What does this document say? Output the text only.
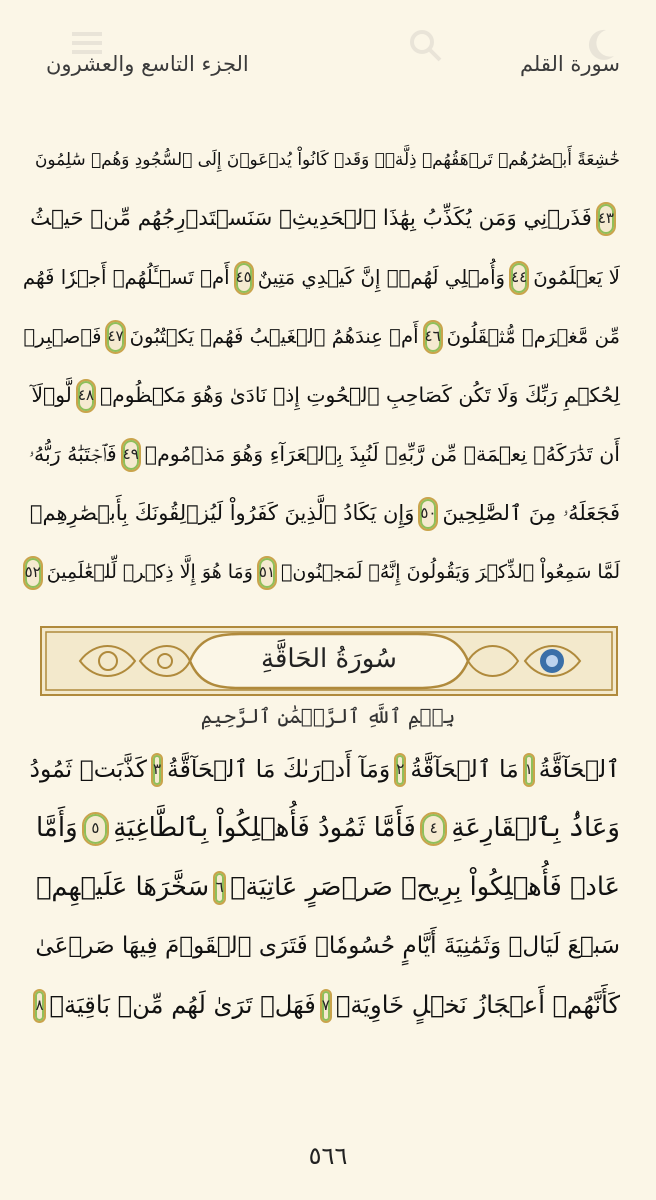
سورة القلم
الجزء التاسع والعشرون
خَٰشِعَةً أَبۡصَٰرُهُمۡ تَرۡهَقُهُمۡ ذِلَّةٞۖ وَقَدۡ كَانُواْ يُدۡعَوۡنَ إِلَى ٱلسُّجُودِ وَهُمۡ سَٰلِمُونَ
٤٣
فَذَرۡنِي وَمَن يُكَذِّبُ بِهَٰذَا ٱلۡحَدِيثِۖ سَنَسۡتَدۡرِجُهُم مِّنۡ حَيۡثُ
لَا يَعۡلَمُونَ
٤٤
وَأُمۡلِي لَهُمۡۚ إِنَّ كَيۡدِي مَتِينٌ
٤٥
أَمۡ تَسۡـَٔلُهُمۡ أَجۡرٗا فَهُم
مِّن مَّغۡرَمٖ مُّثۡقَلُونَ
٤٦
أَمۡ عِندَهُمُ ٱلۡغَيۡبُ فَهُمۡ يَكۡتُبُونَ
٤٧
فَٱصۡبِرۡ
لِحُكۡمِ رَبِّكَ وَلَا تَكُن كَصَاحِبِ ٱلۡحُوتِ إِذۡ نَادَىٰ وَهُوَ مَكۡظُومٞ
٤٨
لَّوۡلَآ
أَن تَدَٰرَكَهُۥ نِعۡمَةٞ مِّن رَّبِّهِۦ لَنُبِذَ بِٱلۡعَرَآءِ وَهُوَ مَذۡمُومٞ
٤٩
فَٱجۡتَبَٰهُ رَبُّهُۥ
فَجَعَلَهُۥ مِنَ ٱلصَّٰلِحِينَ
٥٠
وَإِن يَكَادُ ٱلَّذِينَ كَفَرُواْ لَيُزۡلِقُونَكَ بِأَبۡصَٰرِهِمۡ
لَمَّا سَمِعُواْ ٱلذِّكۡرَ وَيَقُولُونَ إِنَّهُۥ لَمَجۡنُونٞ
٥١
وَمَا هُوَ إِلَّا ذِكۡرٞ لِّلۡعَٰلَمِينَ
٥٢
سُورَةُ الحَاقَّةِ
بِسۡمِ ٱللَّهِ ٱلرَّحۡمَٰنِ ٱلرَّحِيمِ
ٱلۡحَآقَّةُ
١
مَا ٱلۡحَآقَّةُ
٢
وَمَآ أَدۡرَىٰكَ مَا ٱلۡحَآقَّةُ
٣
كَذَّبَتۡ ثَمُودُ
وَعَادُۢ بِٱلۡقَارِعَةِ
٤
فَأَمَّا ثَمُودُ فَأُهۡلِكُواْ بِٱلطَّاغِيَةِ
٥
وَأَمَّا
عَادٞ فَأُهۡلِكُواْ بِرِيحٖ صَرۡصَرٍ عَاتِيَةٖ
٦
سَخَّرَهَا عَلَيۡهِمۡ
سَبۡعَ لَيَالٖ وَثَمَٰنِيَةَ أَيَّامٍ حُسُومٗاۖ فَتَرَى ٱلۡقَوۡمَ فِيهَا صَرۡعَىٰ
كَأَنَّهُمۡ أَعۡجَازُ نَخۡلٍ خَاوِيَةٖ
٧
فَهَلۡ تَرَىٰ لَهُم مِّنۢ بَاقِيَةٖ
٨
٥٦٦
